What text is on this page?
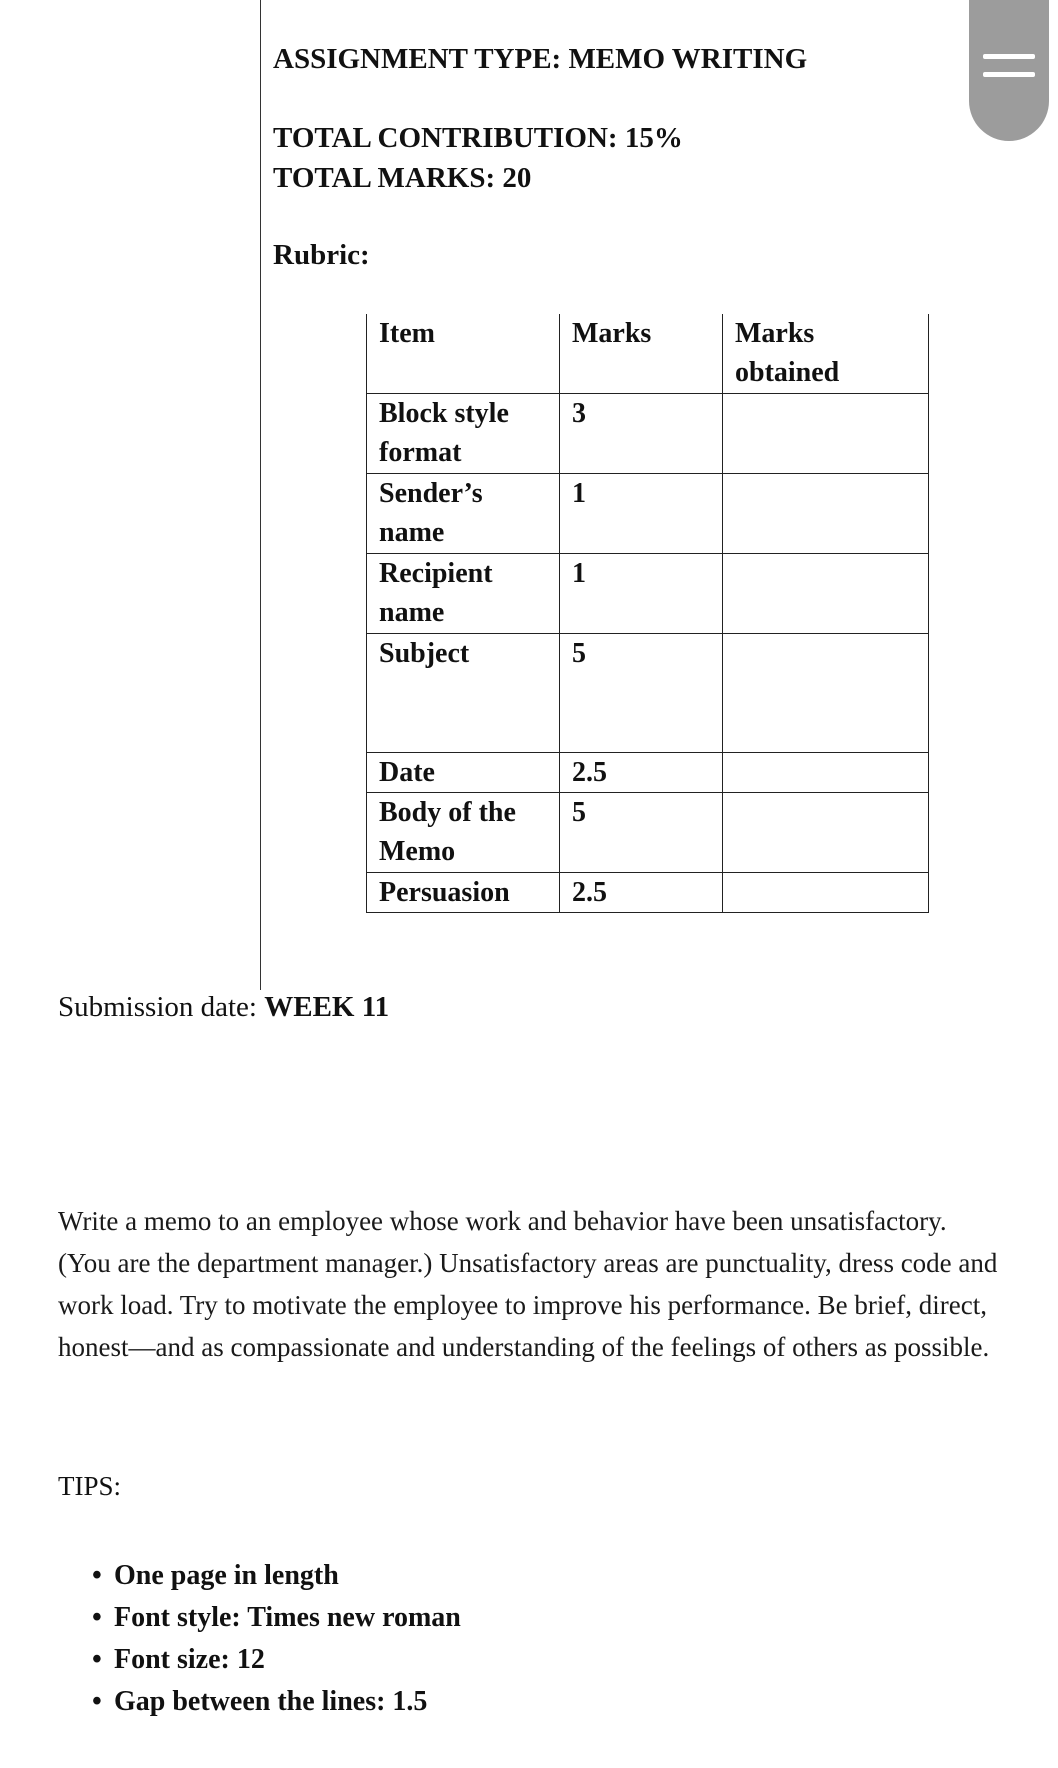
ASSIGNMENT TYPE: MEMO WRITING
TOTAL CONTRIBUTION: 15%
TOTAL MARKS: 20
Rubric:
Item	Marks	Marks obtained
Block style format	3	
Sender’s name	1	
Recipient name	1	
Subject	5	
Date	2.5	
Body of the Memo	5	
Persuasion	2.5	
Submission date: WEEK 11

Write a memo to an employee whose work and behavior have been unsatisfactory. (You are the department manager.) Unsatisfactory areas are punctuality, dress code and work load. Try to motivate the employee to improve his performance. Be brief, direct, honest—and as compassionate and understanding of the feelings of others as possible.

TIPS:
• One page in length
• Font style: Times new roman
• Font size: 12
• Gap between the lines: 1.5
